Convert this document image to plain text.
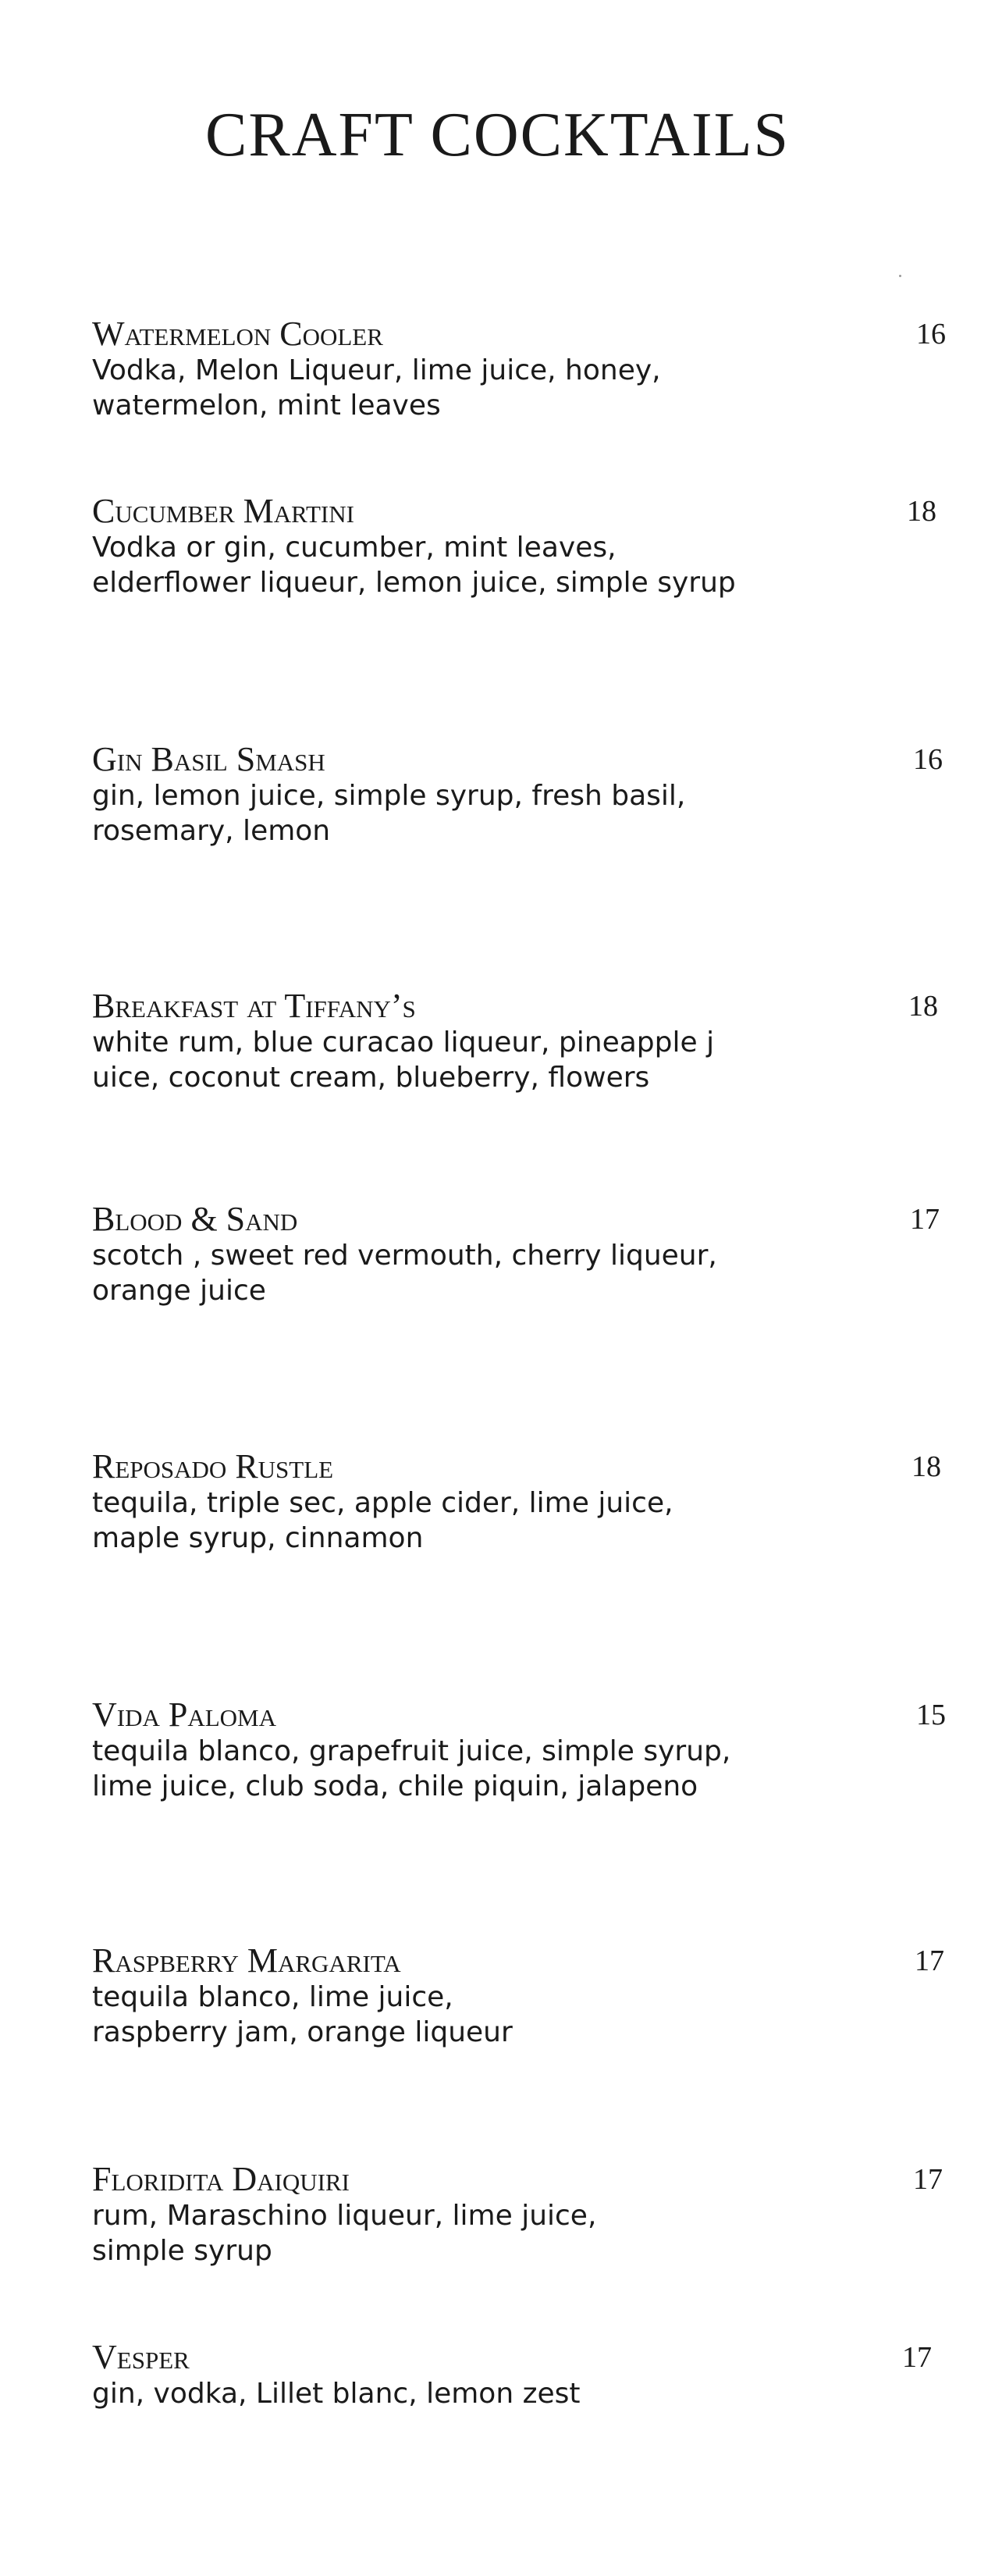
CRAFT COCKTAILS
Watermelon Cooler	16
Vodka, Melon Liqueur, lime juice, honey,
watermelon, mint leaves
Cucumber Martini	18
Vodka or gin, cucumber, mint leaves,
elderflower liqueur, lemon juice, simple syrup
Gin Basil Smash	16
gin, lemon juice, simple syrup, fresh basil,
rosemary, lemon
Breakfast at Tiffany’s	18
white rum, blue curacao liqueur, pineapple j
uice, coconut cream, blueberry, flowers
Blood & Sand	17
scotch , sweet red vermouth, cherry liqueur,
orange juice
Reposado Rustle	18
tequila, triple sec, apple cider, lime juice,
maple syrup, cinnamon
Vida Paloma	15
tequila blanco, grapefruit juice, simple syrup,
lime juice, club soda, chile piquin, jalapeno
Raspberry Margarita	17
tequila blanco, lime juice,
raspberry jam, orange liqueur
Floridita Daiquiri	17
rum, Maraschino liqueur, lime juice,
simple syrup
Vesper	17
gin, vodka, Lillet blanc, lemon zest
